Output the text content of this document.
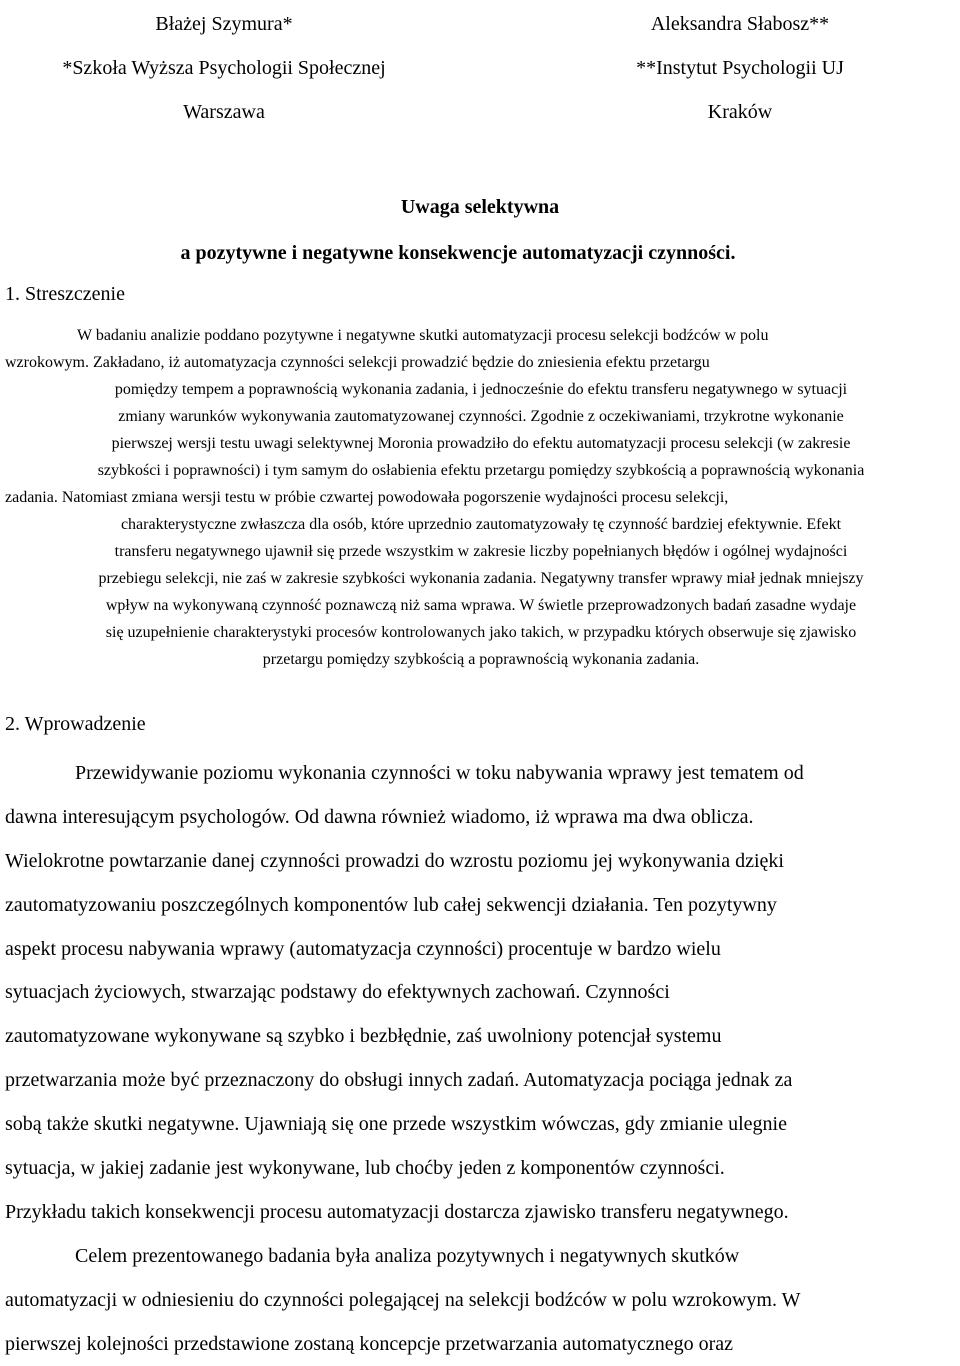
Błażej Szymura*
*Szkoła Wyższa Psychologii Społecznej
Warszawa
Aleksandra Słabosz**
**Instytut Psychologii UJ
Kraków
Uwaga selektywna
a pozytywne i negatywne konsekwencje automatyzacji czynności.
1. Streszczenie
W badaniu analizie poddano pozytywne i negatywne skutki automatyzacji procesu selekcji bodźców w polu
wzrokowym. Zakładano, iż automatyzacja czynności selekcji prowadzić będzie do zniesienia efektu przetargu
pomiędzy tempem a poprawnością wykonania zadania, i jednocześnie do efektu transferu negatywnego w sytuacji
zmiany warunków wykonywania zautomatyzowanej czynności. Zgodnie z oczekiwaniami, trzykrotne wykonanie
pierwszej wersji testu uwagi selektywnej Moronia prowadziło do efektu automatyzacji procesu selekcji (w zakresie
szybkości i poprawności) i tym samym do osłabienia efektu przetargu pomiędzy szybkością a poprawnością wykonania
zadania. Natomiast zmiana wersji testu w próbie czwartej powodowała pogorszenie wydajności procesu selekcji,
charakterystyczne zwłaszcza dla osób, które uprzednio zautomatyzowały tę czynność bardziej efektywnie. Efekt
transferu negatywnego ujawnił się przede wszystkim w zakresie liczby popełnianych błędów i ogólnej wydajności
przebiegu selekcji, nie zaś w zakresie szybkości wykonania zadania. Negatywny transfer wprawy miał jednak mniejszy
wpływ na wykonywaną czynność poznawczą niż sama wprawa. W świetle przeprowadzonych badań zasadne wydaje
się uzupełnienie charakterystyki procesów kontrolowanych jako takich, w przypadku których obserwuje się zjawisko
przetargu pomiędzy szybkością a poprawnością wykonania zadania.
2. Wprowadzenie
Przewidywanie poziomu wykonania czynności w toku nabywania wprawy jest tematem od
dawna interesującym psychologów. Od dawna również wiadomo, iż wprawa ma dwa oblicza.
Wielokrotne powtarzanie danej czynności prowadzi do wzrostu poziomu jej wykonywania dzięki
zautomatyzowaniu poszczególnych komponentów lub całej sekwencji działania. Ten pozytywny
aspekt procesu nabywania wprawy (automatyzacja czynności) procentuje w bardzo wielu
sytuacjach życiowych, stwarzając podstawy do efektywnych zachowań. Czynności
zautomatyzowane wykonywane są szybko i bezbłędnie, zaś uwolniony potencjał systemu
przetwarzania może być przeznaczony do obsługi innych zadań. Automatyzacja pociąga jednak za
sobą także skutki negatywne. Ujawniają się one przede wszystkim wówczas, gdy zmianie ulegnie
sytuacja, w jakiej zadanie jest wykonywane, lub choćby jeden z komponentów czynności.
Przykładu takich konsekwencji procesu automatyzacji dostarcza zjawisko transferu negatywnego.
Celem prezentowanego badania była analiza pozytywnych i negatywnych skutków
automatyzacji w odniesieniu do czynności polegającej na selekcji bodźców w polu wzrokowym. W
pierwszej kolejności przedstawione zostaną koncepcje przetwarzania automatycznego oraz
